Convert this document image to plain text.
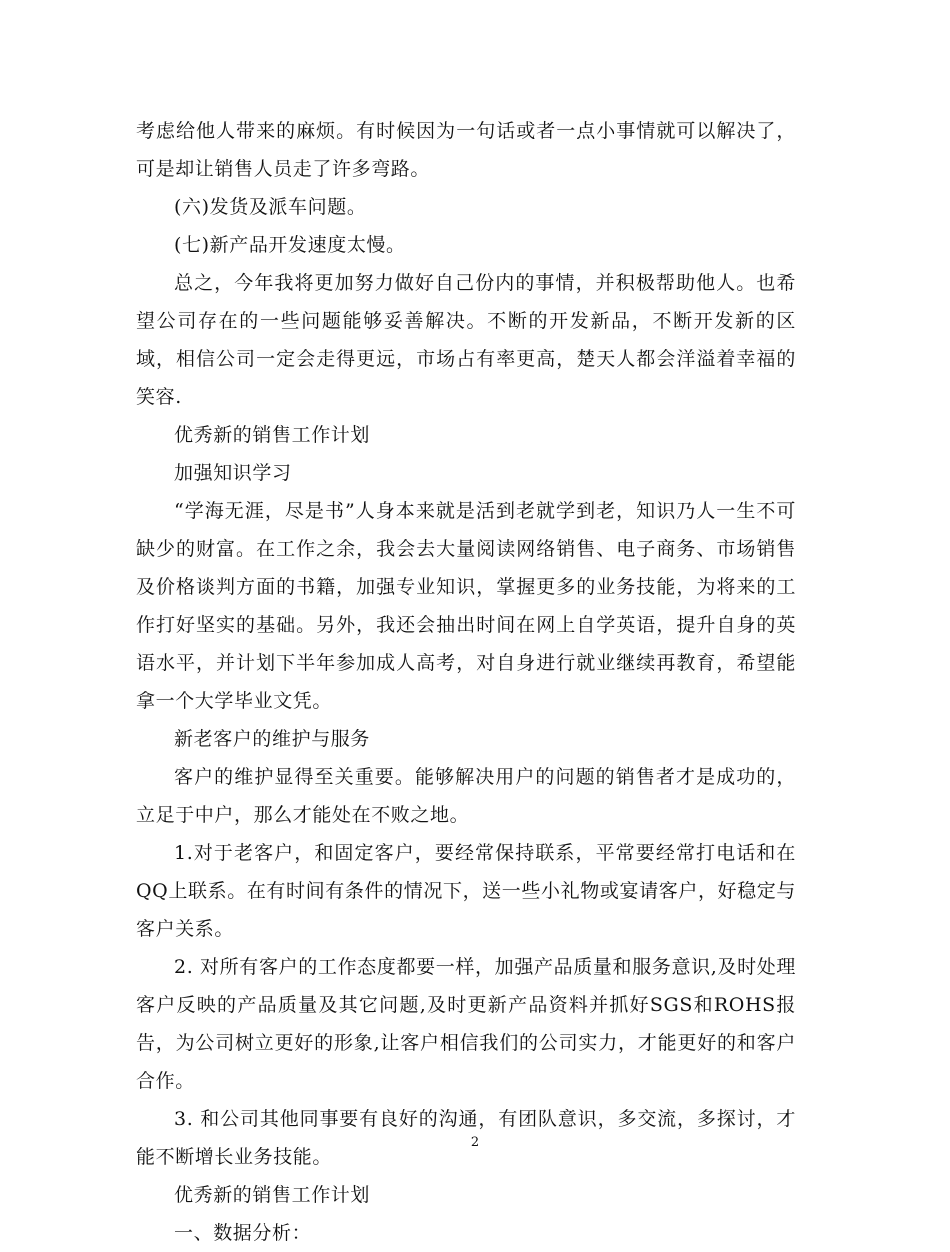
考虑给他人带来的麻烦。有时候因为一句话或者一点小事情就可以解决了，可是却让销售人员走了许多弯路。

(六)发货及派车问题。

(七)新产品开发速度太慢。

总之，今年我将更加努力做好自己份内的事情，并积极帮助他人。也希望公司存在的一些问题能够妥善解决。不断的开发新品，不断开发新的区域，相信公司一定会走得更远，市场占有率更高，楚天人都会洋溢着幸福的笑容.

优秀新的销售工作计划

加强知识学习

“学海无涯，尽是书”人身本来就是活到老就学到老，知识乃人一生不可缺少的财富。在工作之余，我会去大量阅读网络销售、电子商务、市场销售及价格谈判方面的书籍，加强专业知识，掌握更多的业务技能，为将来的工作打好坚实的基础。另外，我还会抽出时间在网上自学英语，提升自身的英语水平，并计划下半年参加成人高考，对自身进行就业继续再教育，希望能拿一个大学毕业文凭。

新老客户的维护与服务

客户的维护显得至关重要。能够解决用户的问题的销售者才是成功的，立足于中户，那么才能处在不败之地。

1.对于老客户，和固定客户，要经常保持联系，平常要经常打电话和在QQ上联系。在有时间有条件的情况下，送一些小礼物或宴请客户，好稳定与客户关系。

2. 对所有客户的工作态度都要一样，加强产品质量和服务意识,及时处理客户反映的产品质量及其它问题,及时更新产品资料并抓好SGS和ROHS报告，为公司树立更好的形象,让客户相信我们的公司实力，才能更好的和客户合作。

3. 和公司其他同事要有良好的沟通，有团队意识，多交流，多探讨，才能不断增长业务技能。

优秀新的销售工作计划

一、数据分析：

2
